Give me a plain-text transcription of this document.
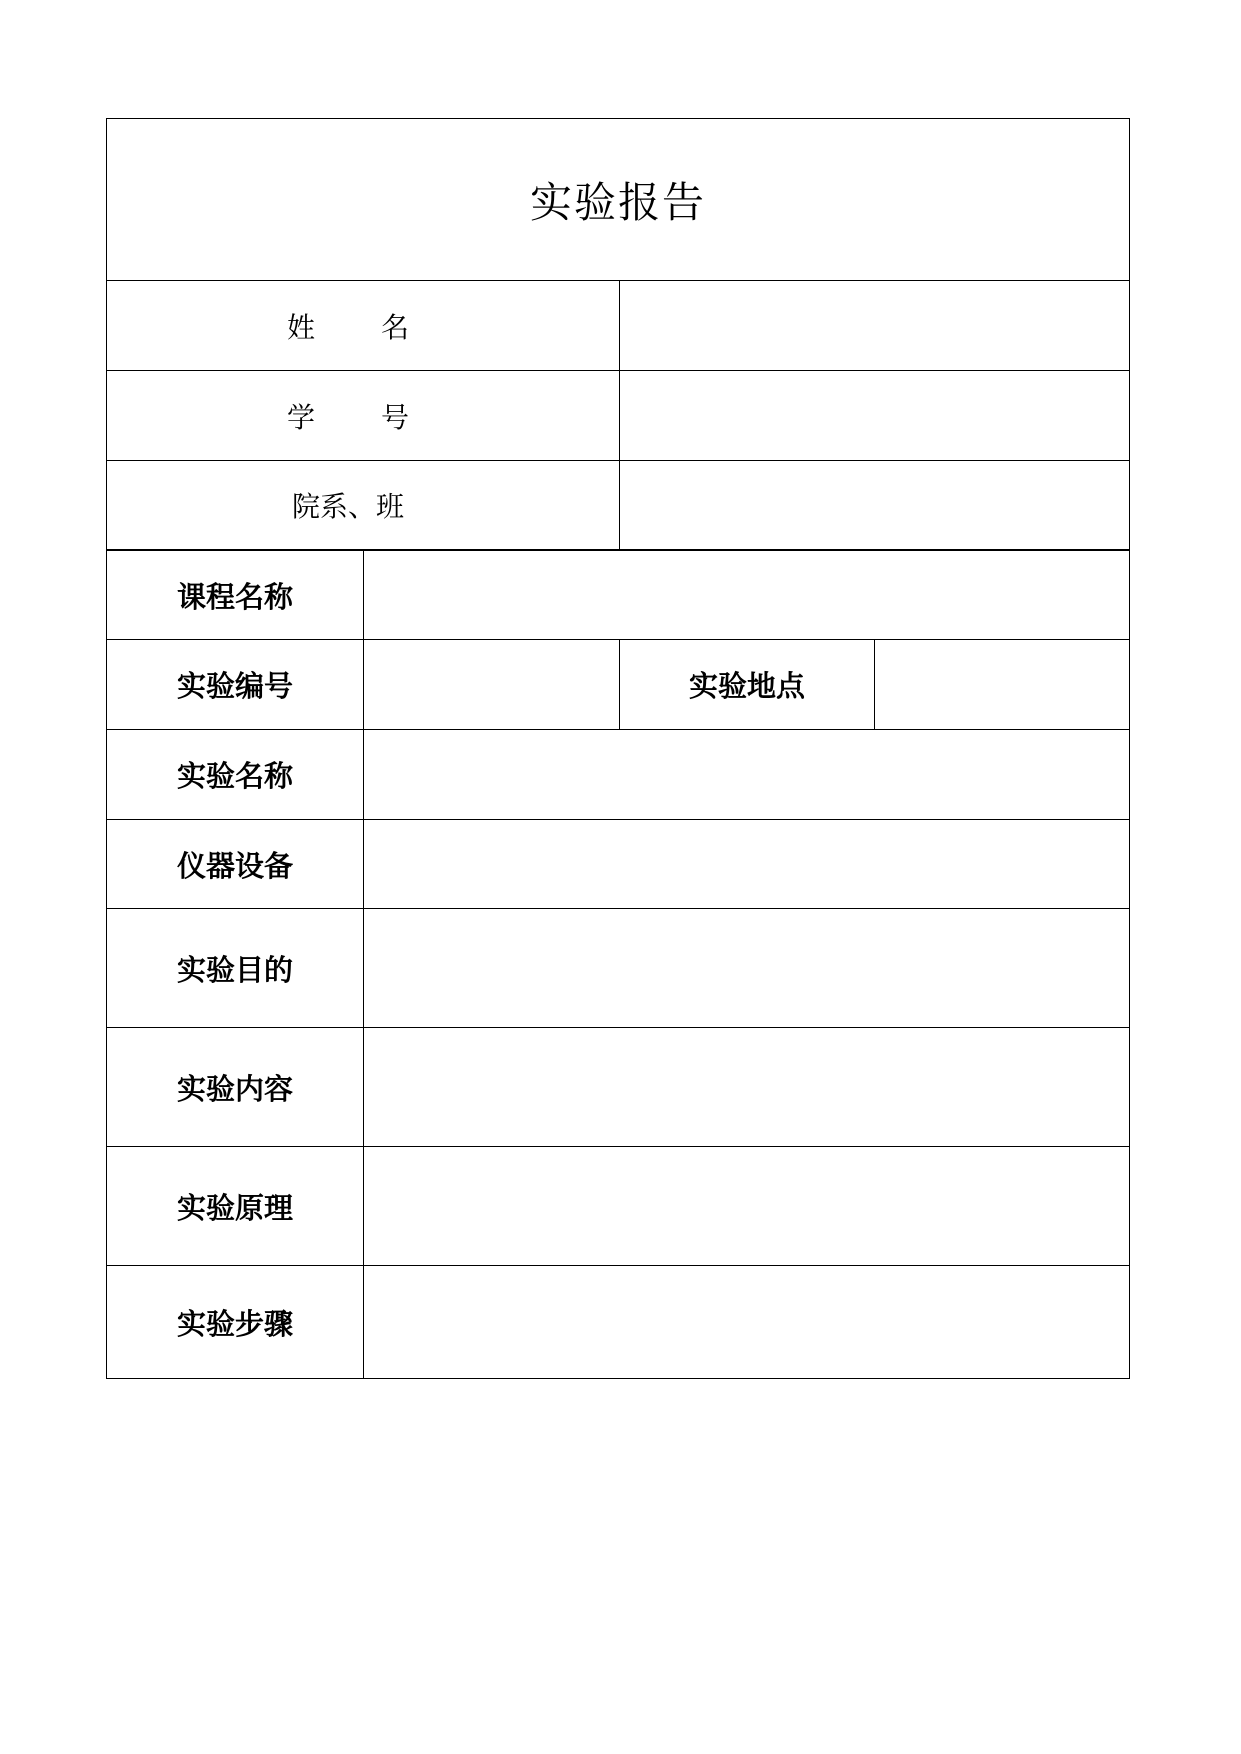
实验报告
姓名
学号
院系、班
课程名称
实验编号	实验地点
实验名称
仪器设备
实验目的
实验内容
实验原理
实验步骤
